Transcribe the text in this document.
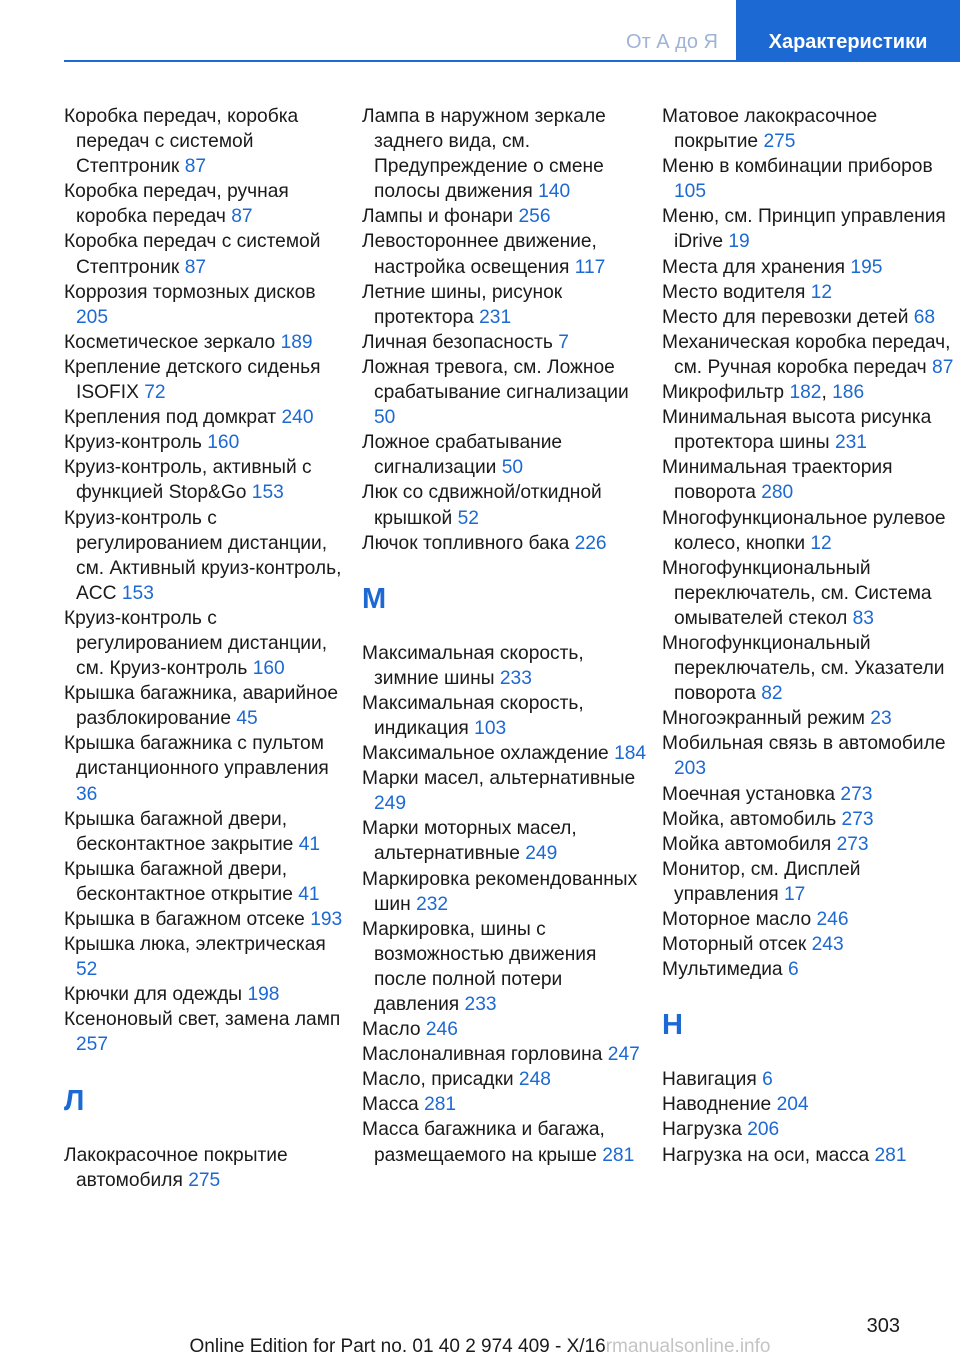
От А до Я	Характеристики
Коробка передач, коробка передач с системой Стептроник 87
Коробка передач, ручная коробка передач 87
Коробка передач с системой Стептроник 87
Коррозия тормозных дисков 205
Косметическое зеркало 189
Крепление детского сиденья ISOFIX 72
Крепления под домкрат 240
Круиз-контроль 160
Круиз-контроль, активный с функцией Stop&Go 153
Круиз-контроль с регулированием дистанции, см. Активный круиз-контроль, ACC 153
Круиз-контроль с регулированием дистанции, см. Круиз-контроль 160
Крышка багажника, аварийное разблокирование 45
Крышка багажника с пультом дистанционного управления 36
Крышка багажной двери, бесконтактное закрытие 41
Крышка багажной двери, бесконтактное открытие 41
Крышка в багажном отсеке 193
Крышка люка, электрическая 52
Крючки для одежды 198
Ксеноновый свет, замена ламп 257
Л
Лакокрасочное покрытие автомобиля 275
Лампа в наружном зеркале заднего вида, см. Предупреждение о смене полосы движения 140
Лампы и фонари 256
Левостороннее движение, настройка освещения 117
Летние шины, рисунок протектора 231
Личная безопасность 7
Ложная тревога, см. Ложное срабатывание сигнализации 50
Ложное срабатывание сигнализации 50
Люк со сдвижной/откидной крышкой 52
Лючок топливного бака 226
М
Максимальная скорость, зимние шины 233
Максимальная скорость, индикация 103
Максимальное охлаждение 184
Марки масел, альтернативные 249
Марки моторных масел, альтернативные 249
Маркировка рекомендованных шин 232
Маркировка, шины с возможностью движения после полной потери давления 233
Масло 246
Маслоналивная горловина 247
Масло, присадки 248
Масса 281
Масса багажника и багажа, размещаемого на крыше 281
Матовое лакокрасочное покрытие 275
Меню в комбинации приборов 105
Меню, см. Принцип управления iDrive 19
Места для хранения 195
Место водителя 12
Место для перевозки детей 68
Механическая коробка передач, см. Ручная коробка передач 87
Микрофильтр 182, 186
Минимальная высота рисунка протектора шины 231
Минимальная траектория поворота 280
Многофункциональное рулевое колесо, кнопки 12
Многофункциональный переключатель, см. Система омывателей стекол 83
Многофункциональный переключатель, см. Указатели поворота 82
Многоэкранный режим 23
Мобильная связь в автомобиле 203
Моечная установка 273
Мойка, автомобиль 273
Мойка автомобиля 273
Монитор, см. Дисплей управления 17
Моторное масло 246
Моторный отсек 243
Мультимедиа 6
Н
Навигация 6
Наводнение 204
Нагрузка 206
Нагрузка на оси, масса 281
303
Online Edition for Part no. 01 40 2 974 409 - X/16rmanualsonline.info
